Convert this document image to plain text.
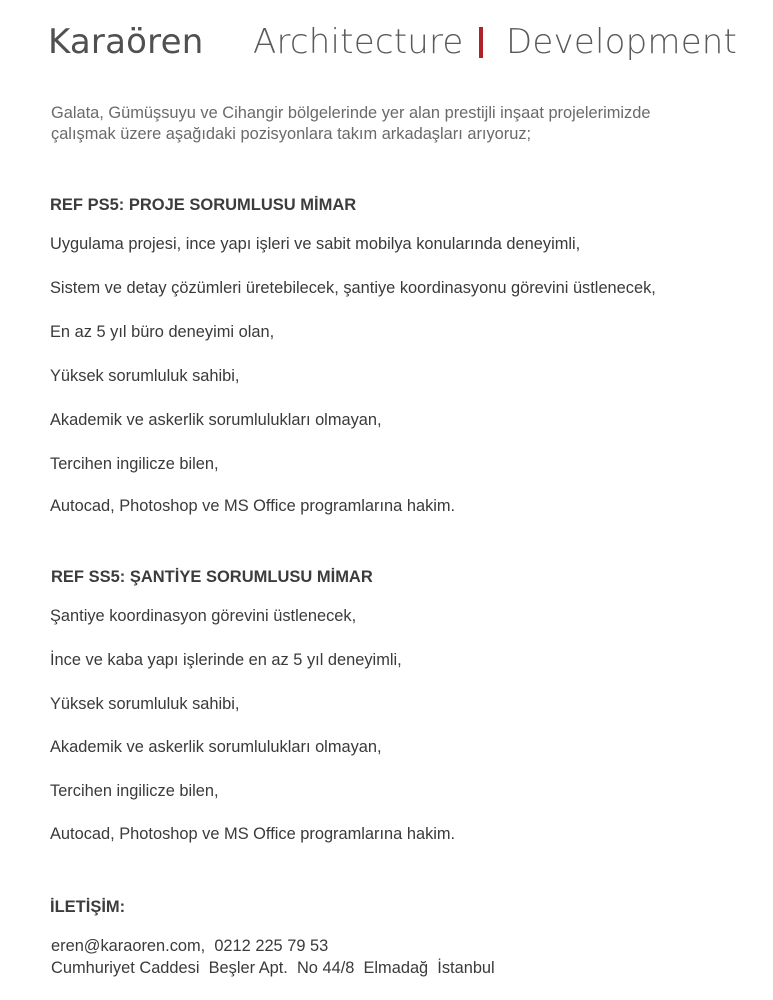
Karaören Architecture Development
Galata, Gümüşsuyu ve Cihangir bölgelerinde yer alan prestijli inşaat projelerimizde
çalışmak üzere aşağıdaki pozisyonlara takım arkadaşları arıyoruz;
REF PS5: PROJE SORUMLUSU MİMAR
Uygulama projesi, ince yapı işleri ve sabit mobilya konularında deneyimli,
Sistem ve detay çözümleri üretebilecek, şantiye koordinasyonu görevini üstlenecek,
En az 5 yıl büro deneyimi olan,
Yüksek sorumluluk sahibi,
Akademik ve askerlik sorumlulukları olmayan,
Tercihen ingilicze bilen,
Autocad, Photoshop ve MS Office programlarına hakim.
REF SS5: ŞANTİYE SORUMLUSU MİMAR
Şantiye koordinasyon görevini üstlenecek,
İnce ve kaba yapı işlerinde en az 5 yıl deneyimli,
Yüksek sorumluluk sahibi,
Akademik ve askerlik sorumlulukları olmayan,
Tercihen ingilicze bilen,
Autocad, Photoshop ve MS Office programlarına hakim.
İLETİŞİM:
eren@karaoren.com,  0212 225 79 53
Cumhuriyet Caddesi  Beşler Apt.  No 44/8  Elmadağ  İstanbul
